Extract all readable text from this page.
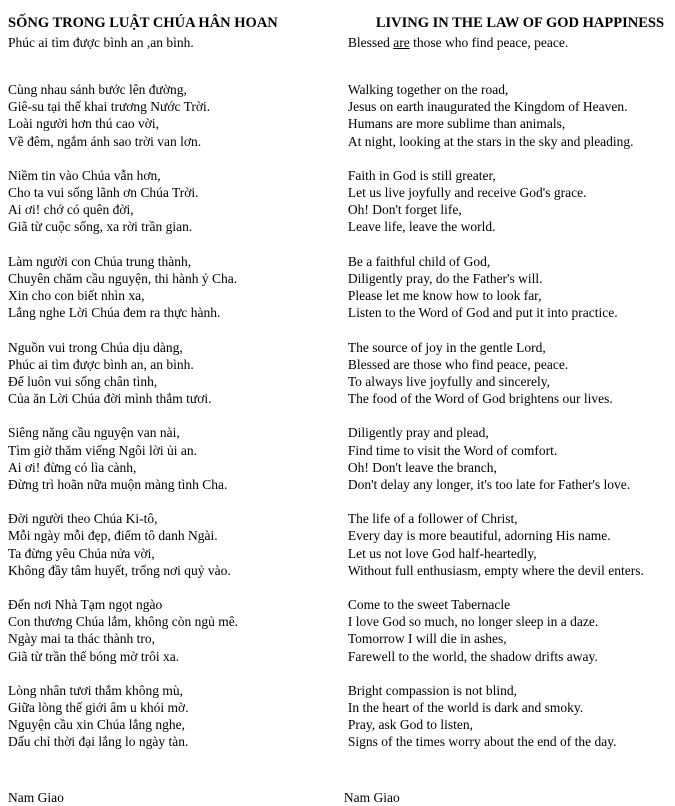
SỐNG TRONG LUẬT CHÚA HÂN HOAN
Phúc ai tìm được bình an ,an bình.
Cùng nhau sánh bước lên đường,
Giê-su tại thế khai trương Nước Trời.
Loài người hơn thú cao vời,
Về đêm, ngắm ánh sao trời van lơn.
Niềm tin vào Chúa vẫn hơn,
Cho ta vui sống lãnh ơn Chúa Trời.
Ai ơi! chớ có quên đời,
Giã từ cuộc sống, xa rời trần gian.
Làm người con Chúa trung thành,
Chuyên chăm cầu nguyện, thi hành ý Cha.
Xin cho con biết nhìn xa,
Lắng nghe Lời Chúa đem ra thực hành.
Nguồn vui trong Chúa dịu dàng,
Phúc ai tìm được bình an, an bình.
Để luôn vui sống chân tình,
Của ăn Lời Chúa đời mình thắm tươi.
Siêng năng cầu nguyện van nài,
Tìm giờ thăm viếng Ngôi lời ủi an.
Ai ơi! đừng có lìa cành,
Đừng trì hoãn nữa muộn màng tình Cha.
Đời người theo Chúa Ki-tô,
Mỗi ngày mỗi đẹp, điểm tô danh Ngài.
Ta đừng yêu Chúa nửa vời,
Không đầy tâm huyết, trống nơi quỷ vào.
Đến nơi Nhà Tạm ngọt ngào
Con thương Chúa lắm, không còn ngủ mê.
Ngày mai ta thác thành tro,
Giã từ trần thế bóng mờ trôi xa.
Lòng nhân tươi thắm không mù,
Giữa lòng thế giới âm u khói mờ.
Nguyện cầu xin Chúa lắng nghe,
Dấu chỉ thời đại lắng lo ngày tàn.
LIVING IN THE LAW OF GOD HAPPINESS
Blessed are those who find peace, peace.
Walking together on the road,
Jesus on earth inaugurated the Kingdom of Heaven.
Humans are more sublime than animals,
At night, looking at the stars in the sky and pleading.
Faith in God is still greater,
Let us live joyfully and receive God's grace.
Oh! Don't forget life,
Leave life, leave the world.
Be a faithful child of God,
Diligently pray, do the Father's will.
Please let me know how to look far,
Listen to the Word of God and put it into practice.
The source of joy in the gentle Lord,
Blessed are those who find peace, peace.
To always live joyfully and sincerely,
The food of the Word of God brightens our lives.
Diligently pray and plead,
Find time to visit the Word of comfort.
Oh! Don't leave the branch,
Don't delay any longer, it's too late for Father's love.
The life of a follower of Christ,
Every day is more beautiful, adorning His name.
Let us not love God half-heartedly,
Without full enthusiasm, empty where the devil enters.
Come to the sweet Tabernacle
I love God so much, no longer sleep in a daze.
Tomorrow I will die in ashes,
Farewell to the world, the shadow drifts away.
Bright compassion is not blind,
In the heart of the world is dark and smoky.
Pray, ask God to listen,
Signs of the times worry about the end of the day.
Nam Giao	Nam Giao
